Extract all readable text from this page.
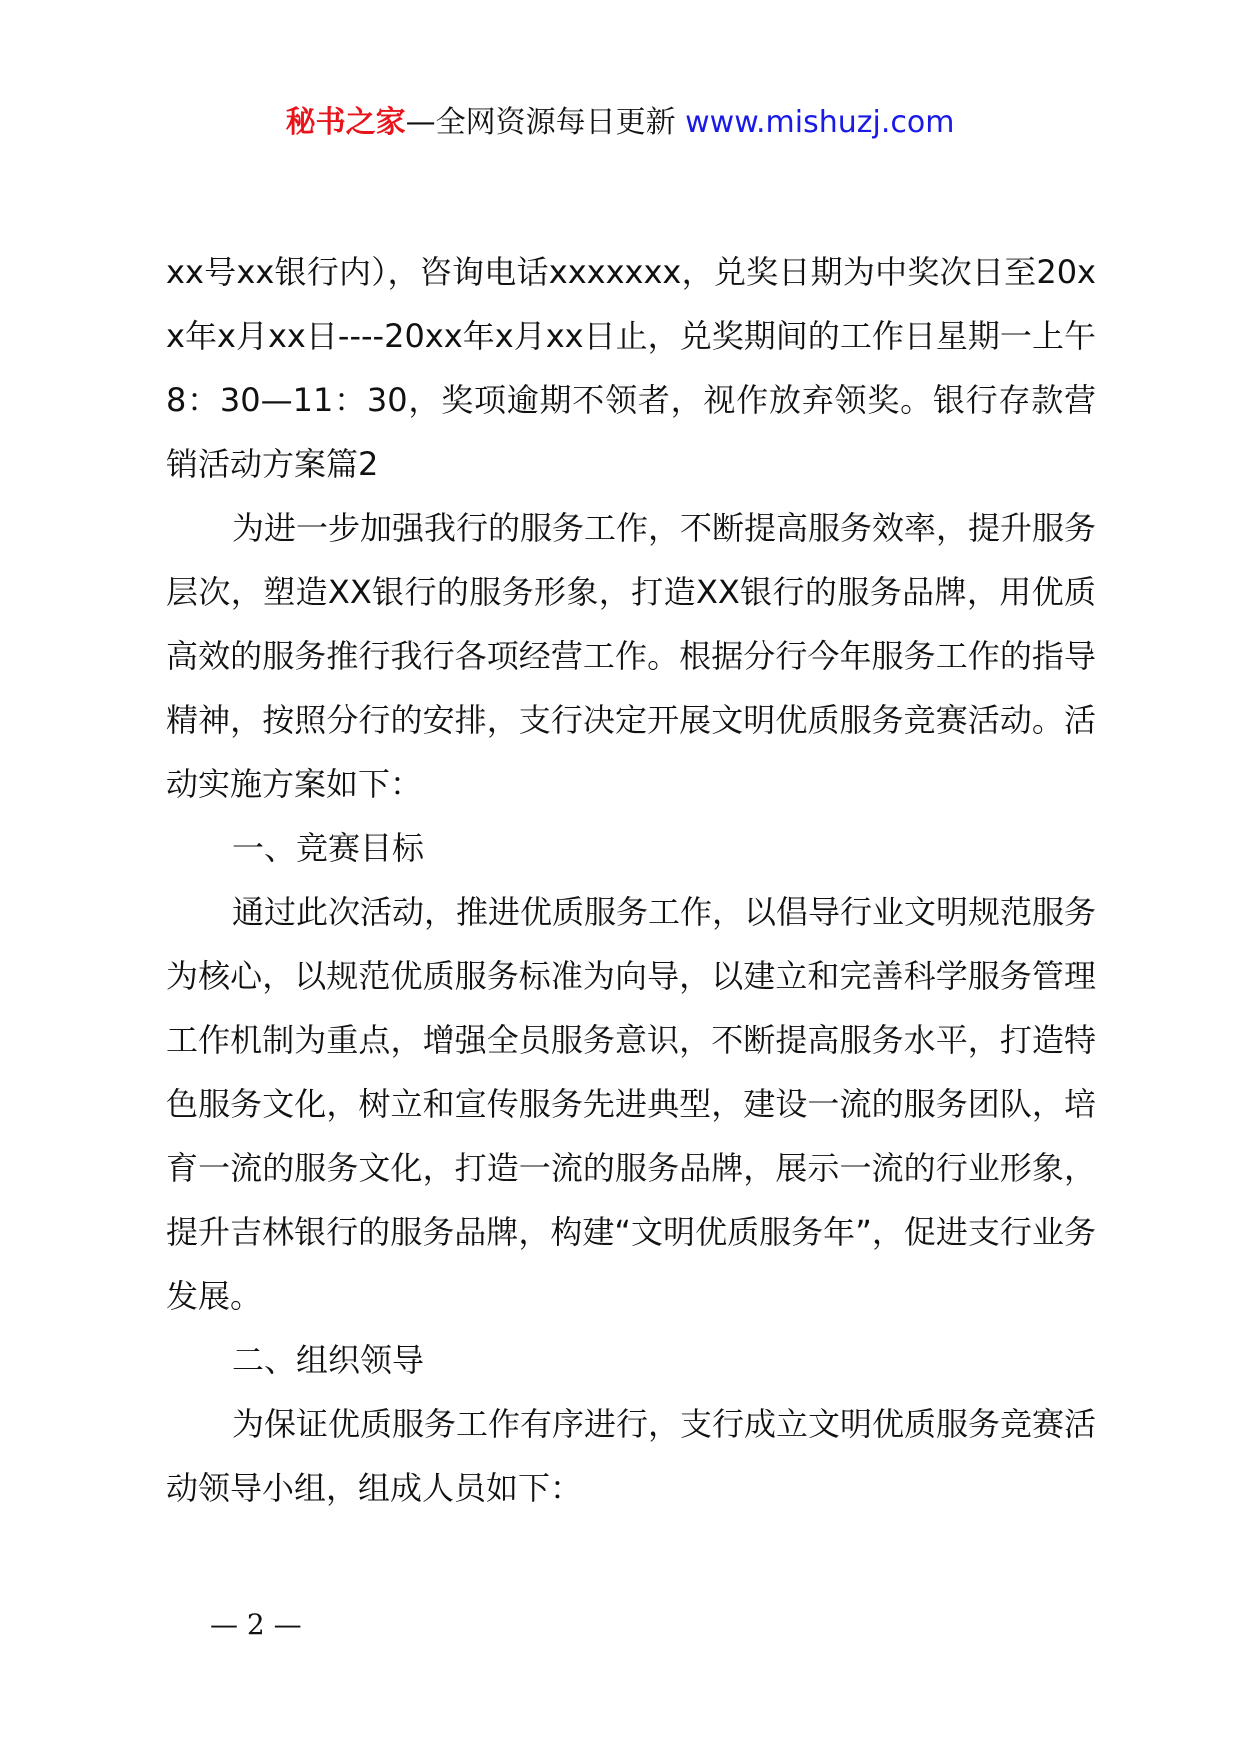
秘书之家—全网资源每日更新 www.mishuzj.com

xx号xx银行内），咨询电话xxxxxxx，兑奖日期为中奖次日至20xx年x月xx日----20xx年x月xx日止，兑奖期间的工作日星期一上午8：30—11：30，奖项逾期不领者，视作放弃领奖。银行存款营销活动方案篇2

为进一步加强我行的服务工作，不断提高服务效率，提升服务层次，塑造XX银行的服务形象，打造XX银行的服务品牌，用优质高效的服务推行我行各项经营工作。根据分行今年服务工作的指导精神，按照分行的安排，支行决定开展文明优质服务竞赛活动。活动实施方案如下：

一、竞赛目标

通过此次活动，推进优质服务工作，以倡导行业文明规范服务为核心，以规范优质服务标准为向导，以建立和完善科学服务管理工作机制为重点，增强全员服务意识，不断提高服务水平，打造特色服务文化，树立和宣传服务先进典型，建设一流的服务团队，培育一流的服务文化，打造一流的服务品牌，展示一流的行业形象，提升吉林银行的服务品牌，构建“文明优质服务年”，促进支行业务发展。

二、组织领导

为保证优质服务工作有序进行，支行成立文明优质服务竞赛活动领导小组，组成人员如下：

— 2 —
